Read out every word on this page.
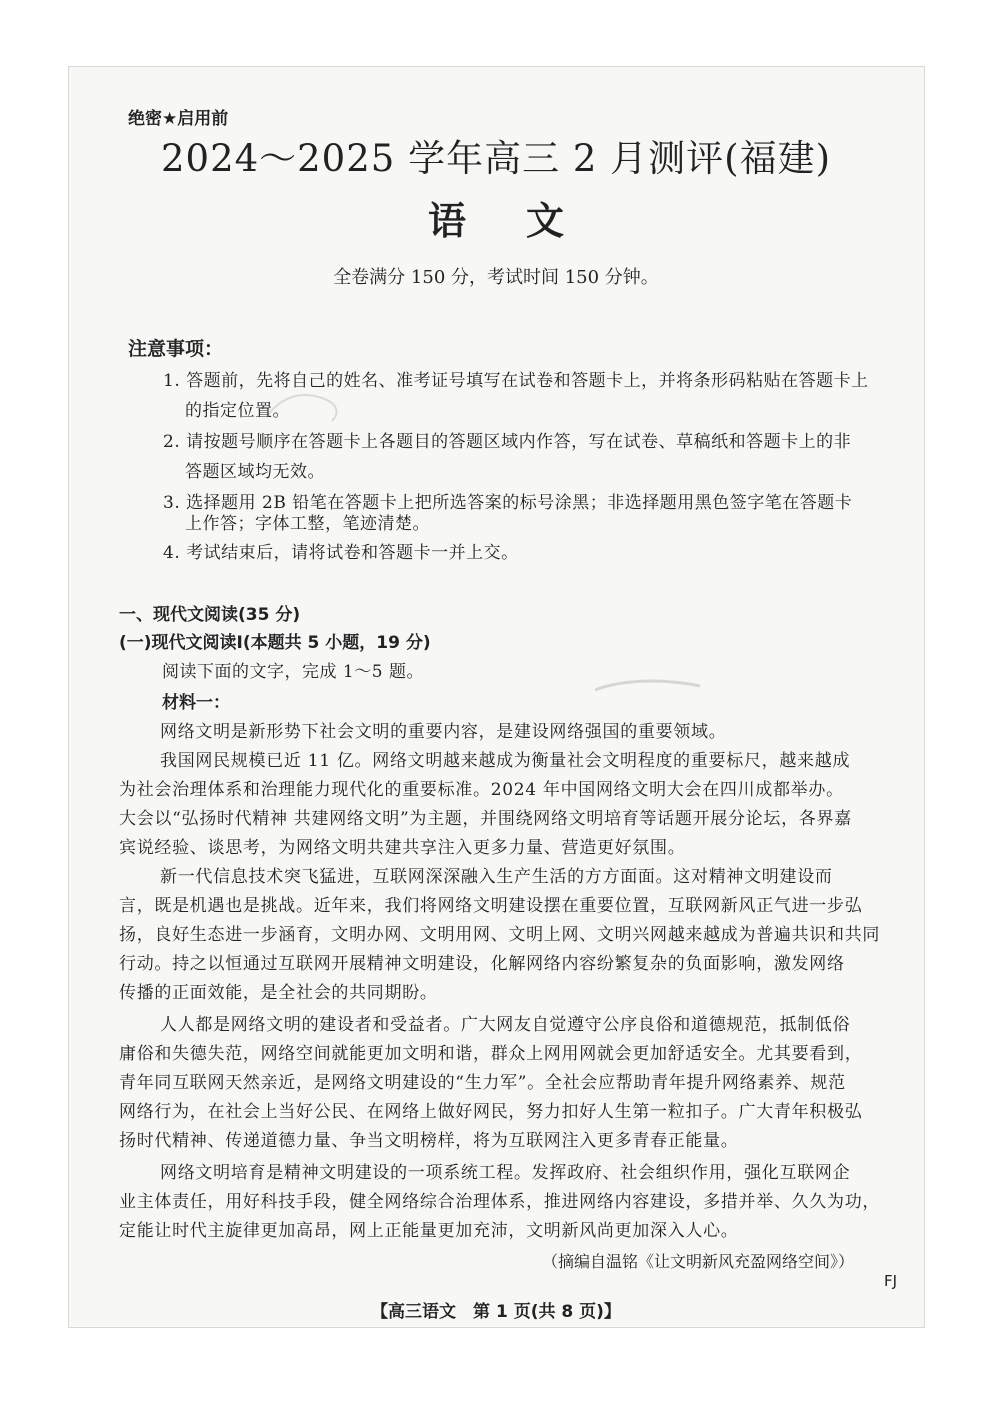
绝密★启用前
2024～2025 学年高三 2 月测评(福建)
语文
全卷满分 150 分，考试时间 150 分钟。
注意事项：
1. 答题前，先将自己的姓名、准考证号填写在试卷和答题卡上，并将条形码粘贴在答题卡上
的指定位置。
2. 请按题号顺序在答题卡上各题目的答题区域内作答，写在试卷、草稿纸和答题卡上的非
答题区域均无效。
3. 选择题用 2B 铅笔在答题卡上把所选答案的标号涂黑；非选择题用黑色签字笔在答题卡
上作答；字体工整，笔迹清楚。
4. 考试结束后，请将试卷和答题卡一并上交。
一、现代文阅读(35 分)
(一)现代文阅读Ⅰ(本题共 5 小题，19 分)
阅读下面的文字，完成 1～5 题。
材料一：
网络文明是新形势下社会文明的重要内容，是建设网络强国的重要领域。
我国网民规模已近 11 亿。网络文明越来越成为衡量社会文明程度的重要标尺，越来越成
为社会治理体系和治理能力现代化的重要标准。2024 年中国网络文明大会在四川成都举办。
大会以“弘扬时代精神 共建网络文明”为主题，并围绕网络文明培育等话题开展分论坛，各界嘉
宾说经验、谈思考，为网络文明共建共享注入更多力量、营造更好氛围。
新一代信息技术突飞猛进，互联网深深融入生产生活的方方面面。这对精神文明建设而
言，既是机遇也是挑战。近年来，我们将网络文明建设摆在重要位置，互联网新风正气进一步弘
扬，良好生态进一步涵育，文明办网、文明用网、文明上网、文明兴网越来越成为普遍共识和共同
行动。持之以恒通过互联网开展精神文明建设，化解网络内容纷繁复杂的负面影响，激发网络
传播的正面效能，是全社会的共同期盼。
人人都是网络文明的建设者和受益者。广大网友自觉遵守公序良俗和道德规范，抵制低俗
庸俗和失德失范，网络空间就能更加文明和谐，群众上网用网就会更加舒适安全。尤其要看到，
青年同互联网天然亲近，是网络文明建设的“生力军”。全社会应帮助青年提升网络素养、规范
网络行为，在社会上当好公民、在网络上做好网民，努力扣好人生第一粒扣子。广大青年积极弘
扬时代精神、传递道德力量、争当文明榜样，将为互联网注入更多青春正能量。
网络文明培育是精神文明建设的一项系统工程。发挥政府、社会组织作用，强化互联网企
业主体责任，用好科技手段，健全网络综合治理体系，推进网络内容建设，多措并举、久久为功，
定能让时代主旋律更加高昂，网上正能量更加充沛，文明新风尚更加深入人心。
（摘编自温铭《让文明新风充盈网络空间》）
FJ
【高三语文　第 1 页(共 8 页)】
